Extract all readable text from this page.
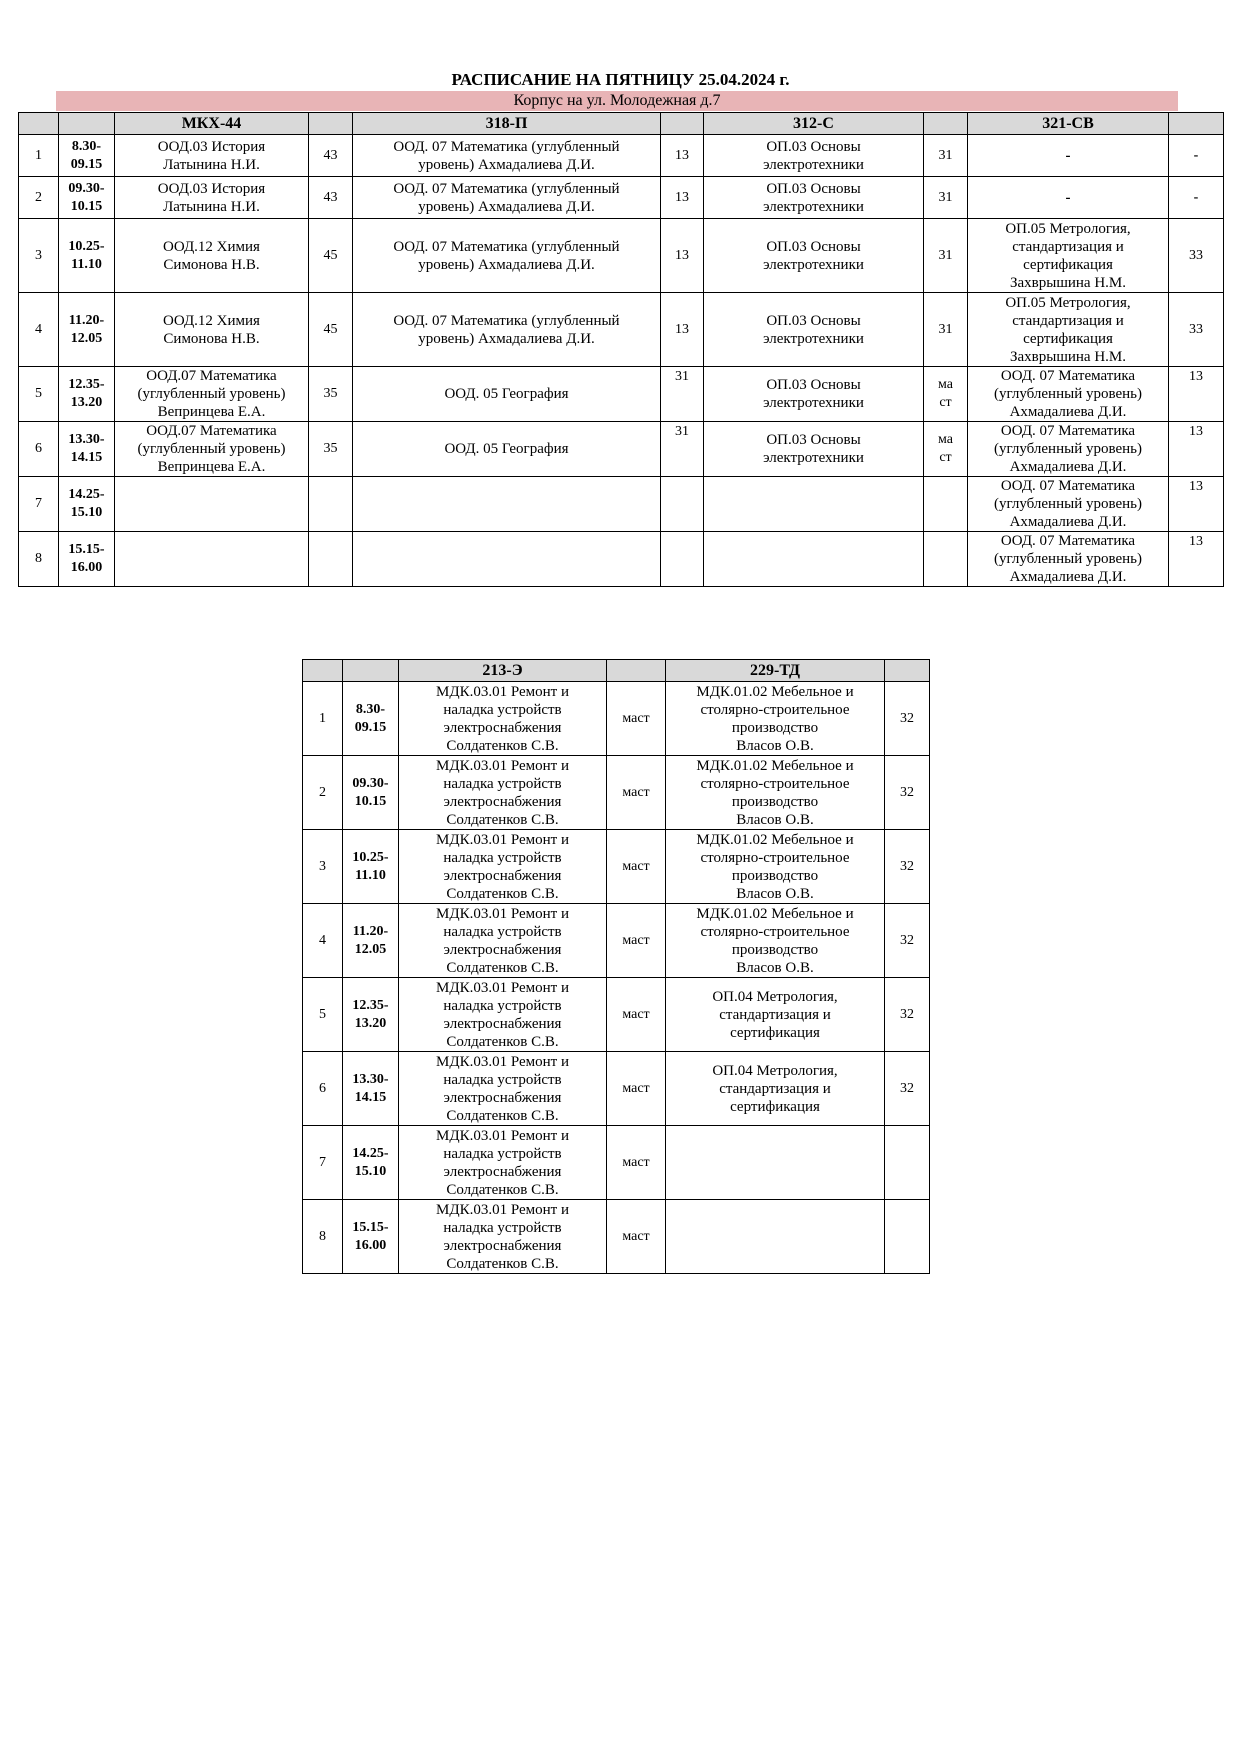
РАСПИСАНИЕ НА ПЯТНИЦУ 25.04.2024 г.
Корпус на ул. Молодежная д.7
		МКХ-44		318-П		312-С		321-СВ	
1	8.30-
09.15	ООД.03 История
Латынина Н.И.	43	ООД. 07 Математика (углубленный
уровень) Ахмадалиева Д.И.	13	ОП.03 Основы
электротехники	31	-	-
2	09.30-
10.15	ООД.03 История
Латынина Н.И.	43	ООД. 07 Математика (углубленный
уровень) Ахмадалиева Д.И.	13	ОП.03 Основы
электротехники	31	-	-
3	10.25-
11.10	ООД.12 Химия
Симонова Н.В.	45	ООД. 07 Математика (углубленный
уровень) Ахмадалиева Д.И.	13	ОП.03 Основы
электротехники	31	ОП.05 Метрология,
стандартизация и
сертификация
Захврышина Н.М.	33
4	11.20-
12.05	ООД.12 Химия
Симонова Н.В.	45	ООД. 07 Математика (углубленный
уровень) Ахмадалиева Д.И.	13	ОП.03 Основы
электротехники	31	ОП.05 Метрология,
стандартизация и
сертификация
Захврышина Н.М.	33
5	12.35-
13.20	ООД.07 Математика
(углубленный уровень)
Вепринцева Е.А.	35	ООД. 05 География	31	ОП.03 Основы
электротехники	ма
ст	ООД. 07 Математика
(углубленный уровень)
Ахмадалиева Д.И.	13
6	13.30-
14.15	ООД.07 Математика
(углубленный уровень)
Вепринцева Е.А.	35	ООД. 05 География	31	ОП.03 Основы
электротехники	ма
ст	ООД. 07 Математика
(углубленный уровень)
Ахмадалиева Д.И.	13
7	14.25-
15.10							ООД. 07 Математика
(углубленный уровень)
Ахмадалиева Д.И.	13
8	15.15-
16.00							ООД. 07 Математика
(углубленный уровень)
Ахмадалиева Д.И.	13
		213-Э		229-ТД	
1	8.30-
09.15	МДК.03.01 Ремонт и
наладка устройств
электроснабжения
Солдатенков С.В.	маст	МДК.01.02 Мебельное и
столярно-строительное
производство
Власов О.В.	32
2	09.30-
10.15	МДК.03.01 Ремонт и
наладка устройств
электроснабжения
Солдатенков С.В.	маст	МДК.01.02 Мебельное и
столярно-строительное
производство
Власов О.В.	32
3	10.25-
11.10	МДК.03.01 Ремонт и
наладка устройств
электроснабжения
Солдатенков С.В.	маст	МДК.01.02 Мебельное и
столярно-строительное
производство
Власов О.В.	32
4	11.20-
12.05	МДК.03.01 Ремонт и
наладка устройств
электроснабжения
Солдатенков С.В.	маст	МДК.01.02 Мебельное и
столярно-строительное
производство
Власов О.В.	32
5	12.35-
13.20	МДК.03.01 Ремонт и
наладка устройств
электроснабжения
Солдатенков С.В.	маст	ОП.04 Метрология,
стандартизация и
сертификация	32
6	13.30-
14.15	МДК.03.01 Ремонт и
наладка устройств
электроснабжения
Солдатенков С.В.	маст	ОП.04 Метрология,
стандартизация и
сертификация	32
7	14.25-
15.10	МДК.03.01 Ремонт и
наладка устройств
электроснабжения
Солдатенков С.В.	маст		
8	15.15-
16.00	МДК.03.01 Ремонт и
наладка устройств
электроснабжения
Солдатенков С.В.	маст		
